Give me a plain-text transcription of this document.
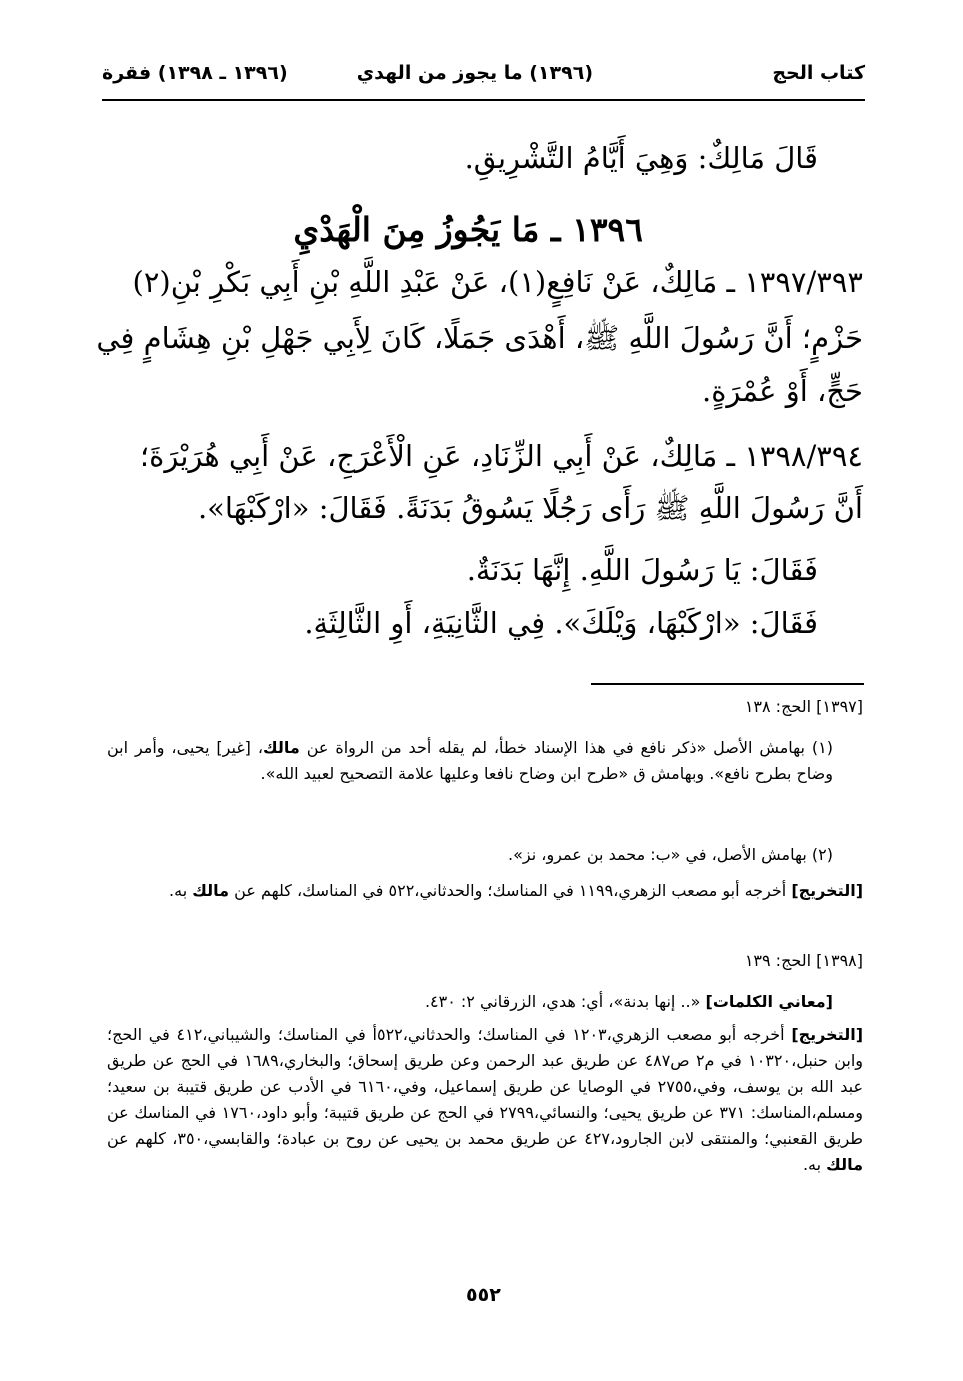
كتاب الحج
(١٣٩٦) ما يجوز من الهدي
(١٣٩٦ ـ ١٣٩٨) فقرة
قَالَ مَالِكٌ: وَهِيَ أَيَّامُ التَّشْرِيقِ.
١٣٩٦ ـ مَا يَجُوزُ مِنَ الْهَدْيِ
١٣٩٧/٣٩٣ ـ مَالِكٌ، عَنْ نَافِعٍ(١)، عَنْ عَبْدِ اللَّهِ بْنِ أَبِي بَكْرِ بْنِ(٢)
حَزْمٍ؛ أَنَّ رَسُولَ اللَّهِ ﷺ، أَهْدَى جَمَلًا، كَانَ لِأَبِي جَهْلِ بْنِ هِشَامٍ فِي
حَجٍّ، أَوْ عُمْرَةٍ.
١٣٩٨/٣٩٤ ـ مَالِكٌ، عَنْ أَبِي الزِّنَادِ، عَنِ الْأَعْرَجِ، عَنْ أَبِي هُرَيْرَةَ؛
أَنَّ رَسُولَ اللَّهِ ﷺ رَأَى رَجُلًا يَسُوقُ بَدَنَةً. فَقَالَ: «ارْكَبْهَا».
فَقَالَ: يَا رَسُولَ اللَّهِ. إِنَّهَا بَدَنَةٌ.
فَقَالَ: «ارْكَبْهَا، وَيْلَكَ». فِي الثَّانِيَةِ، أَوِ الثَّالِثَةِ.
[١٣٩٧] الحج: ١٣٨
(١) بهامش الأصل «ذكر نافع في هذا الإسناد خطأ، لم يقله أحد من الرواة عن مالك، [غير] يحيى، وأمر ابن وضاح بطرح نافع». وبهامش ق «طرح ابن وضاح نافعا وعليها علامة التصحيح لعبيد الله».
(٢) بهامش الأصل، في «ب: محمد بن عمرو، نز».
[التخريج] أخرجه أبو مصعب الزهري،١١٩٩ في المناسك؛ والحدثاني،٥٢٢ في المناسك، كلهم عن مالك به.
[١٣٩٨] الحج: ١٣٩
[معاني الكلمات] «.. إنها بدنة»، أي: هدي، الزرقاني ٢: ٤٣٠.
[التخريج] أخرجه أبو مصعب الزهري،١٢٠٣ في المناسك؛ والحدثاني،٥٢٢أ في المناسك؛ والشيباني،٤١٢ في الحج؛ وابن حنبل،١٠٣٢٠ في م٢ ص٤٨٧ عن طريق عبد الرحمن وعن طريق إسحاق؛ والبخاري،١٦٨٩ في الحج عن طريق عبد الله بن يوسف، وفي،٢٧٥٥ في الوصايا عن طريق إسماعيل، وفي،٦١٦٠ في الأدب عن طريق قتيبة بن سعيد؛ ومسلم،المناسك: ٣٧١ عن طريق يحيى؛ والنسائي،٢٧٩٩ في الحج عن طريق قتيبة؛ وأبو داود،١٧٦٠ في المناسك عن طريق القعنبي؛ والمنتقى لابن الجارود،٤٢٧ عن طريق محمد بن يحيى عن روح بن عبادة؛ والقابسي،٣٥٠، كلهم عن مالك به.
٥٥٢
